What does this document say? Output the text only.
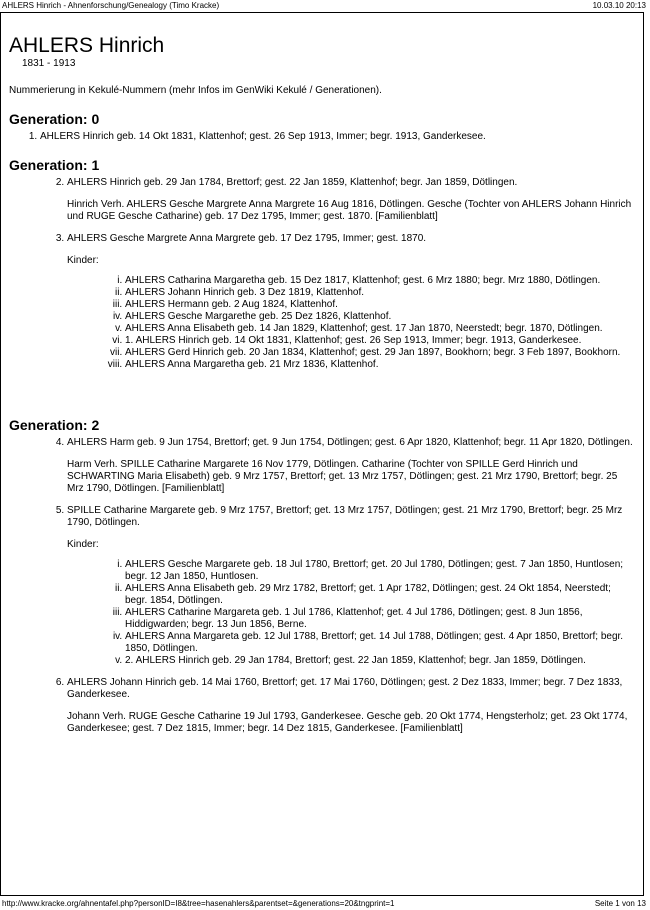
AHLERS Hinrich - Ahnenforschung/Genealogy (Timo Kracke)	10.03.10 20:13
AHLERS Hinrich
1831 - 1913
Nummerierung in Kekulé-Nummern (mehr Infos im GenWiki Kekulé / Generationen).
Generation: 0
1. AHLERS Hinrich geb. 14 Okt 1831, Klattenhof; gest. 26 Sep 1913, Immer; begr. 1913, Ganderkesee.
Generation: 1
2. AHLERS Hinrich geb. 29 Jan 1784, Brettorf; gest. 22 Jan 1859, Klattenhof; begr. Jan 1859, Dötlingen.
Hinrich Verh. AHLERS Gesche Margrete Anna Margrete 16 Aug 1816, Dötlingen. Gesche (Tochter von AHLERS Johann Hinrich und RUGE Gesche Catharine) geb. 17 Dez 1795, Immer; gest. 1870. [Familienblatt]
3. AHLERS Gesche Margrete Anna Margrete geb. 17 Dez 1795, Immer; gest. 1870.
Kinder:
i. AHLERS Catharina Margaretha geb. 15 Dez 1817, Klattenhof; gest. 6 Mrz 1880; begr. Mrz 1880, Dötlingen.
ii. AHLERS Johann Hinrich geb. 3 Dez 1819, Klattenhof.
iii. AHLERS Hermann geb. 2 Aug 1824, Klattenhof.
iv. AHLERS Gesche Margarethe geb. 25 Dez 1826, Klattenhof.
v. AHLERS Anna Elisabeth geb. 14 Jan 1829, Klattenhof; gest. 17 Jan 1870, Neerstedt; begr. 1870, Dötlingen.
vi. 1. AHLERS Hinrich geb. 14 Okt 1831, Klattenhof; gest. 26 Sep 1913, Immer; begr. 1913, Ganderkesee.
vii. AHLERS Gerd Hinrich geb. 20 Jan 1834, Klattenhof; gest. 29 Jan 1897, Bookhorn; begr. 3 Feb 1897, Bookhorn.
viii. AHLERS Anna Margaretha geb. 21 Mrz 1836, Klattenhof.
Generation: 2
4. AHLERS Harm geb. 9 Jun 1754, Brettorf; get. 9 Jun 1754, Dötlingen; gest. 6 Apr 1820, Klattenhof; begr. 11 Apr 1820, Dötlingen.
Harm Verh. SPILLE Catharine Margarete 16 Nov 1779, Dötlingen. Catharine (Tochter von SPILLE Gerd Hinrich und SCHWARTING Maria Elisabeth) geb. 9 Mrz 1757, Brettorf; get. 13 Mrz 1757, Dötlingen; gest. 21 Mrz 1790, Brettorf; begr. 25 Mrz 1790, Dötlingen. [Familienblatt]
5. SPILLE Catharine Margarete geb. 9 Mrz 1757, Brettorf; get. 13 Mrz 1757, Dötlingen; gest. 21 Mrz 1790, Brettorf; begr. 25 Mrz 1790, Dötlingen.
Kinder:
i. AHLERS Gesche Margarete geb. 18 Jul 1780, Brettorf; get. 20 Jul 1780, Dötlingen; gest. 7 Jan 1850, Huntlosen; begr. 12 Jan 1850, Huntlosen.
ii. AHLERS Anna Elisabeth geb. 29 Mrz 1782, Brettorf; get. 1 Apr 1782, Dötlingen; gest. 24 Okt 1854, Neerstedt; begr. 1854, Dötlingen.
iii. AHLERS Catharine Margareta geb. 1 Jul 1786, Klattenhof; get. 4 Jul 1786, Dötlingen; gest. 8 Jun 1856, Hiddigwarden; begr. 13 Jun 1856, Berne.
iv. AHLERS Anna Margareta geb. 12 Jul 1788, Brettorf; get. 14 Jul 1788, Dötlingen; gest. 4 Apr 1850, Brettorf; begr. 1850, Dötlingen.
v. 2. AHLERS Hinrich geb. 29 Jan 1784, Brettorf; gest. 22 Jan 1859, Klattenhof; begr. Jan 1859, Dötlingen.
6. AHLERS Johann Hinrich geb. 14 Mai 1760, Brettorf; get. 17 Mai 1760, Dötlingen; gest. 2 Dez 1833, Immer; begr. 7 Dez 1833, Ganderkesee.
Johann Verh. RUGE Gesche Catharine 19 Jul 1793, Ganderkesee. Gesche geb. 20 Okt 1774, Hengsterholz; get. 23 Okt 1774, Ganderkesee; gest. 7 Dez 1815, Immer; begr. 14 Dez 1815, Ganderkesee. [Familienblatt]
http://www.kracke.org/ahnentafel.php?personID=I8&tree=hasenahlers&parentset=&generations=20&tngprint=1	Seite 1 von 13
